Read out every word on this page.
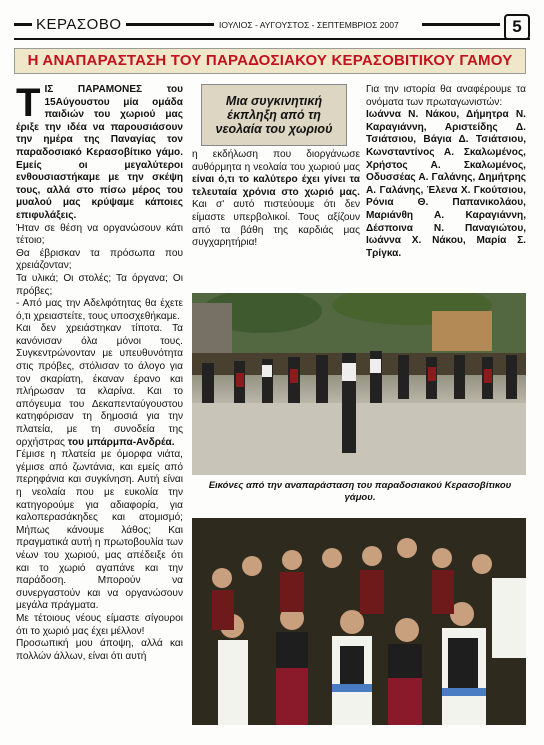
ΚΕΡΑΣΟΒΟ	ΙΟΥΛΙΟΣ - ΑΥΓΟΥΣΤΟΣ - ΣΕΠΤΕΜΒΡΙΟΣ 2007	5
Η ΑΝΑΠΑΡΑΣΤΑΣΗ ΤΟΥ ΠΑΡΑΔΟΣΙΑΚΟΥ ΚΕΡΑΣΟΒΙΤΙΚΟΥ ΓΑΜΟΥ
Τ ΙΣ ΠΑΡΑΜΟΝΕΣ του 15Αύγουστου μία ομάδα παιδιών του χωριού μας έριξε την ιδέα να παρουσιάσουν την ημέρα της Παναγίας τον παραδοσιακό Κερασοβίτικο γάμο. Εμείς οι μεγαλύτεροι ενθουσιαστήκαμε με την σκέψη τους, αλλά στο πίσω μέρος του μυαλού μας κρύψαμε κάποιες επιφυλάξεις.

Ήταν σε θέση να οργανώσουν κάτι τέτοιο;

Θα έβρισκαν τα πρόσωπα που χρειάζονταν;

Τα υλικά; Οι στολές; Τα όργανα; Οι πρόβες;

- Από μας την Αδελφότητας θα έχετε ό,τι χρειαστείτε, τους υποσχεθήκαμε.

Και δεν χρειάστηκαν τίποτα. Τα κανόνισαν όλα μόνοι τους. Συγκεντρώνονταν με υπευθυνότητα στις πρόβες, στόλισαν το άλογο για τον σκαρίατη, έκαναν έρανο και πλήρωσαν τα κλαρίνα. Και το απόγευμα του Δεκαπενταύγουστου κατηφόρισαν τη δημοσιά για την πλατεία, με τη συνοδεία της ορχήστρας του μπάρμπα-Ανδρέα.

Γέμισε η πλατεία με όμορφα νιάτα, γέμισε από ζωντάνια, και εμείς από περηφάνια και συγκίνηση. Αυτή είναι η νεολαία που με ευκολία την κατηγορούμε για αδιαφορία, για καλοπερασάκηδες και ατομισμό; Μήπως κάνουμε λάθος; Και πραγματικά αυτή η πρωτοβουλία των νέων του χωριού, μας απέδειξε ότι και το χωριό αγαπάνε και την παράδοση. Μπορούν να συνεργαστούν και να οργανώσουν μεγάλα πράγματα.

Με τέτοιους νέους είμαστε σίγουροι ότι το χωριό μας έχει μέλλον!

Προσωπική μου άποψη, αλλά και πολλών άλλων, είναι ότι αυτή

Μια συγκινητική έκπληξη από τη νεολαία του χωριού

η εκδήλωση που διοργάνωσε αυθόρμητα η νεολαία του χωριού μας είναι ό,τι το καλύτερο έχει γίνει τα τελευταία χρόνια στο χωριό μας. Και σ' αυτό πιστεύουμε ότι δεν είμαστε υπερβολικοί. Τους αξίζουν από τα βάθη της καρδιάς μας συγχαρητήρια!

Για την ιστορία θα αναφέρουμε τα ονόματα των πρωταγωνιστών:

Ιωάννα Ν. Νάκου, Δήμητρα Ν. Καραγιάννη, Αριστείδης Δ. Τσιάτσιου, Βάγια Δ. Τσιάτσιου, Κωνσταντίνος Α. Σκαλωμένος, Χρήστος Α. Σκαλωμένος, Οδυσσέας Α. Γαλάνης, Δημήτρης Α. Γαλάνης, Έλενα Χ. Γκούτσιου, Ρόνια Θ. Παπανικολάου, Μαριάνθη Α. Καραγιάννη, Δέσποινα Ν. Παναγιώτου, Ιωάννα Χ. Νάκου, Μαρία Σ. Τρίγκα.

Εικόνες από την αναπαράσταση του παραδοσιακού Κερασοβίτικου γάμου.
